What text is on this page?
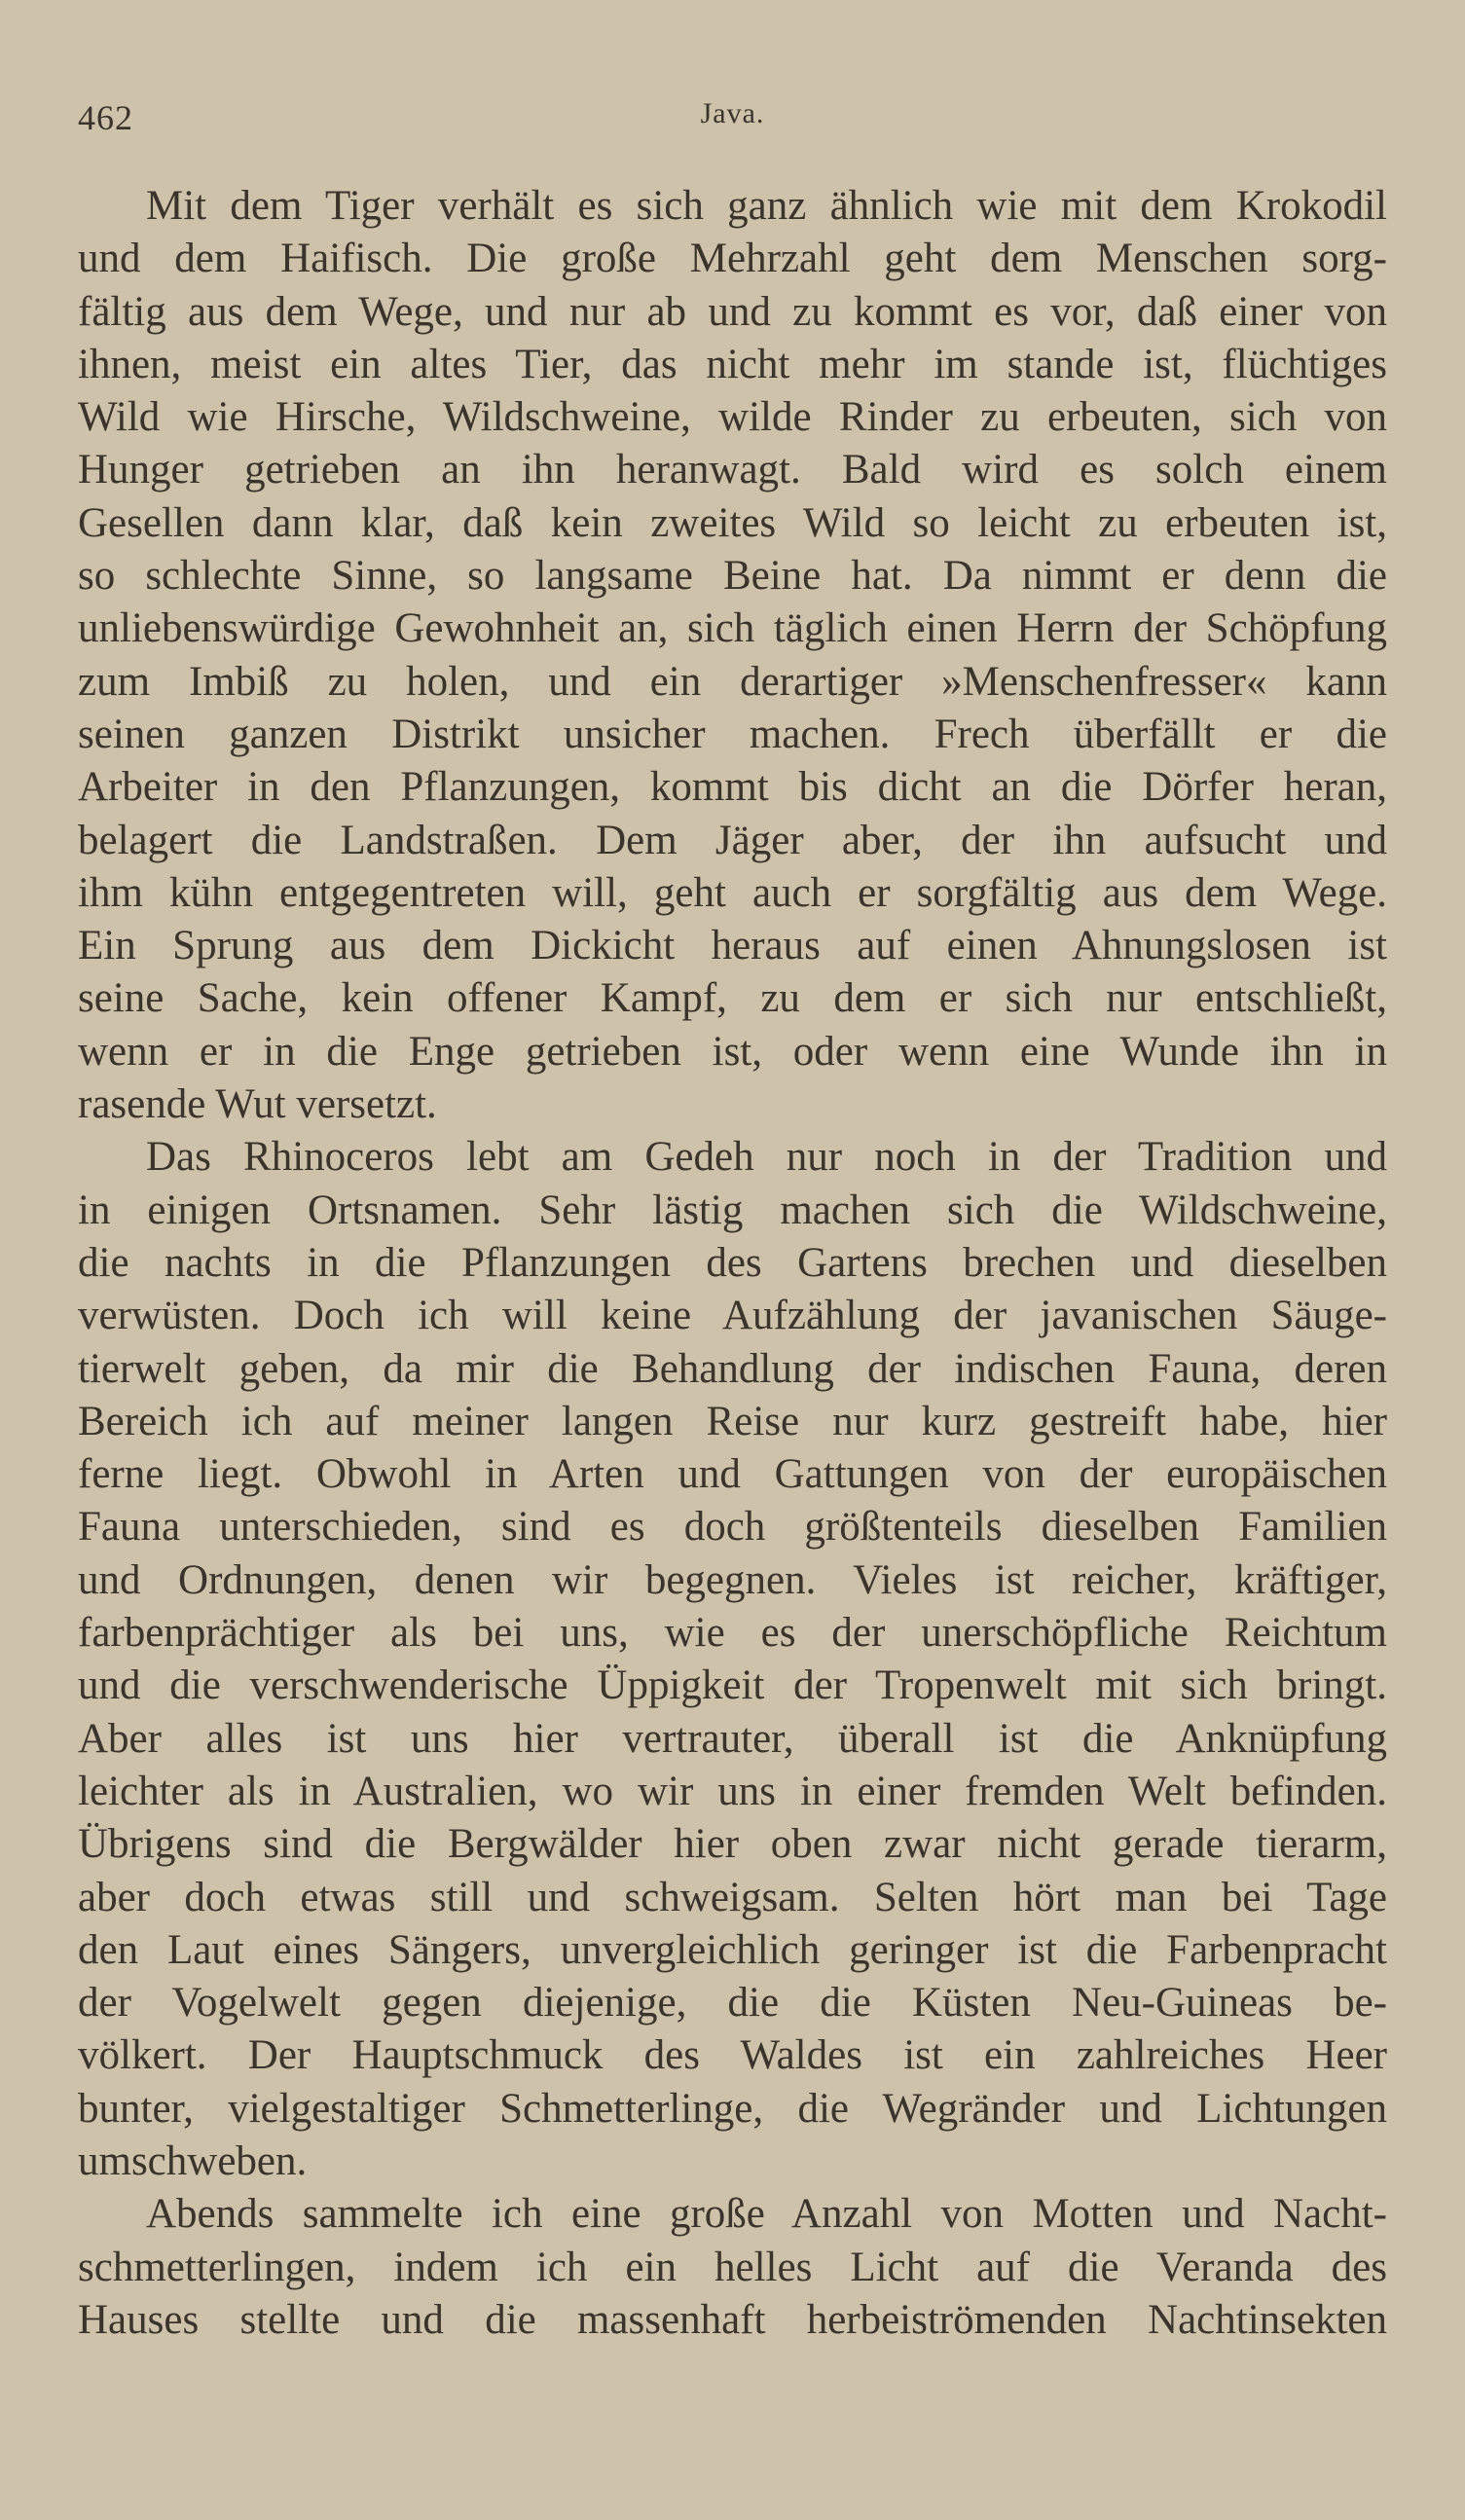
462	Java.
Mit dem Tiger verhält es sich ganz ähnlich wie mit dem Krokodil
und dem Haifisch. Die große Mehrzahl geht dem Menschen sorg-
fältig aus dem Wege, und nur ab und zu kommt es vor, daß einer von
ihnen, meist ein altes Tier, das nicht mehr im stande ist, flüchtiges
Wild wie Hirsche, Wildschweine, wilde Rinder zu erbeuten, sich von
Hunger getrieben an ihn heranwagt. Bald wird es solch einem
Gesellen dann klar, daß kein zweites Wild so leicht zu erbeuten ist,
so schlechte Sinne, so langsame Beine hat. Da nimmt er denn die
unliebenswürdige Gewohnheit an, sich täglich einen Herrn der Schöpfung
zum Imbiß zu holen, und ein derartiger »Menschenfresser« kann
seinen ganzen Distrikt unsicher machen. Frech überfällt er die
Arbeiter in den Pflanzungen, kommt bis dicht an die Dörfer heran,
belagert die Landstraßen. Dem Jäger aber, der ihn aufsucht und
ihm kühn entgegentreten will, geht auch er sorgfältig aus dem Wege.
Ein Sprung aus dem Dickicht heraus auf einen Ahnungslosen ist
seine Sache, kein offener Kampf, zu dem er sich nur entschließt,
wenn er in die Enge getrieben ist, oder wenn eine Wunde ihn in
rasende Wut versetzt.
Das Rhinoceros lebt am Gedeh nur noch in der Tradition und
in einigen Ortsnamen. Sehr lästig machen sich die Wildschweine,
die nachts in die Pflanzungen des Gartens brechen und dieselben
verwüsten. Doch ich will keine Aufzählung der javanischen Säuge-
tierwelt geben, da mir die Behandlung der indischen Fauna, deren
Bereich ich auf meiner langen Reise nur kurz gestreift habe, hier
ferne liegt. Obwohl in Arten und Gattungen von der europäischen
Fauna unterschieden, sind es doch größtenteils dieselben Familien
und Ordnungen, denen wir begegnen. Vieles ist reicher, kräftiger,
farbenprächtiger als bei uns, wie es der unerschöpfliche Reichtum
und die verschwenderische Üppigkeit der Tropenwelt mit sich bringt.
Aber alles ist uns hier vertrauter, überall ist die Anknüpfung
leichter als in Australien, wo wir uns in einer fremden Welt befinden.
Übrigens sind die Bergwälder hier oben zwar nicht gerade tierarm,
aber doch etwas still und schweigsam. Selten hört man bei Tage
den Laut eines Sängers, unvergleichlich geringer ist die Farbenpracht
der Vogelwelt gegen diejenige, die die Küsten Neu-Guineas be-
völkert. Der Hauptschmuck des Waldes ist ein zahlreiches Heer
bunter, vielgestaltiger Schmetterlinge, die Wegränder und Lichtungen
umschweben.
Abends sammelte ich eine große Anzahl von Motten und Nacht-
schmetterlingen, indem ich ein helles Licht auf die Veranda des
Hauses stellte und die massenhaft herbeiströmenden Nachtinsekten
